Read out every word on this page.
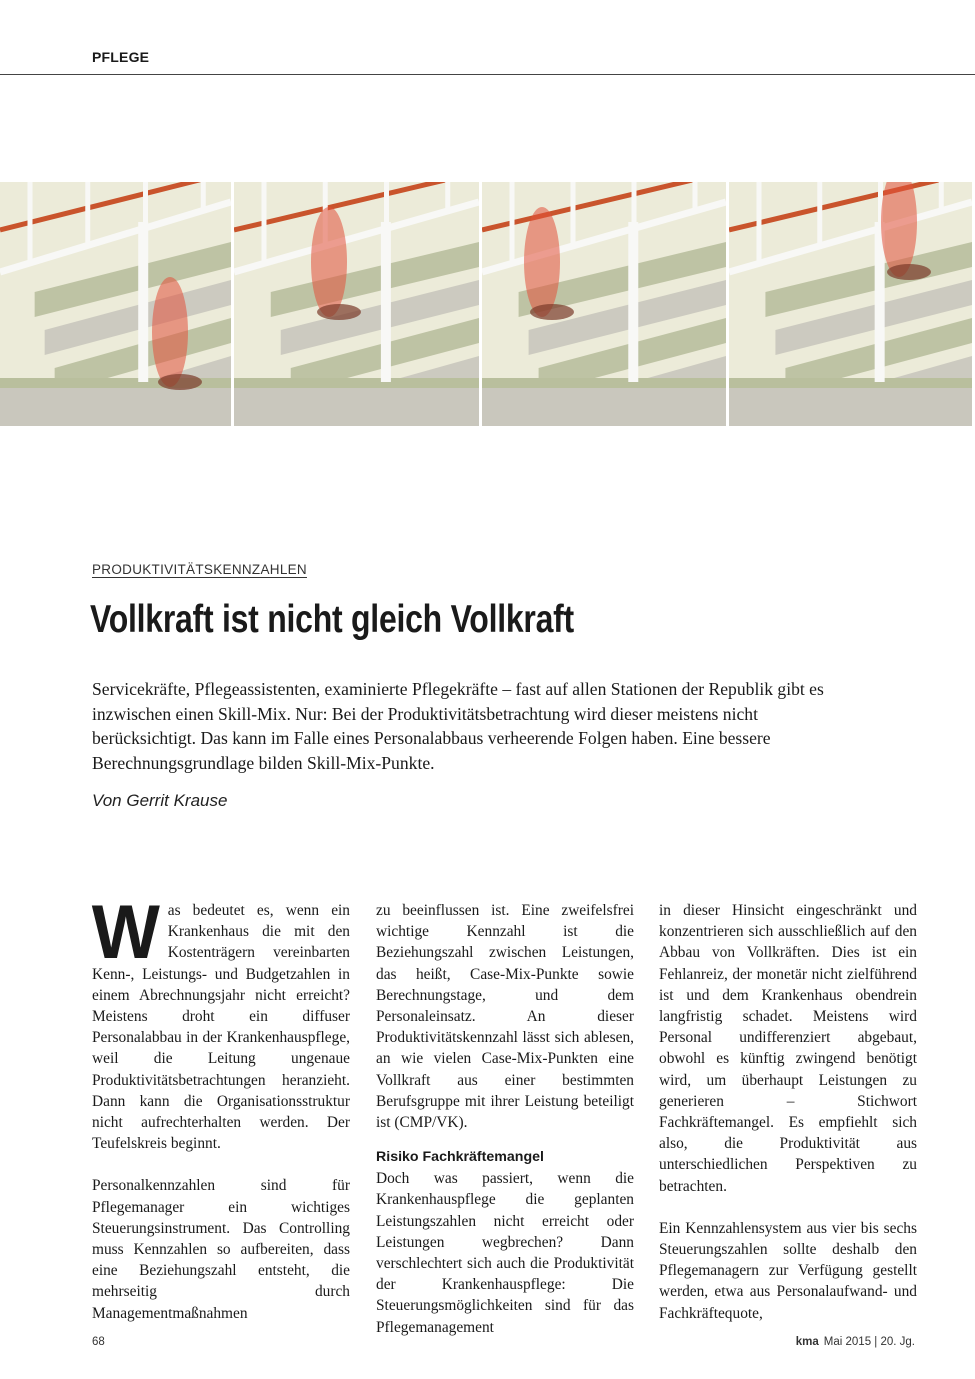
PFLEGE
PRODUKTIVITÄTSKENNZAHLEN
Vollkraft ist nicht gleich Vollkraft

Servicekräfte, Pflegeassistenten, examinierte Pflegekräfte – fast auf allen Stationen der Republik gibt es inzwischen einen Skill-Mix. Nur: Bei der Produktivitätsbetrachtung wird dieser meistens nicht berücksichtigt. Das kann im Falle eines Personalabbaus verheerende Folgen haben. Eine bessere Berechnungsgrundlage bilden Skill-Mix-Punkte.

Von Gerrit Krause

Was bedeutet es, wenn ein Krankenhaus die mit den Kostenträgern vereinbarten Kenn-, Leistungs- und Budgetzahlen in einem Abrechnungsjahr nicht erreicht? Meistens droht ein diffuser Personalabbau in der Krankenhauspflege, weil die Leitung ungenaue Produktivitätsbetrachtungen heranzieht. Dann kann die Organisationsstruktur nicht aufrechterhalten werden. Der Teufelskreis beginnt.

Personalkennzahlen sind für Pflegemanager ein wichtiges Steuerungsinstrument. Das Controlling muss Kennzahlen so aufbereiten, dass eine Beziehungszahl entsteht, die mehrseitig durch Managementmaßnahmen

zu beeinflussen ist. Eine zweifelsfrei wichtige Kennzahl ist die Beziehungszahl zwischen Leistungen, das heißt, Case-Mix-Punkte sowie Berechnungstage, und dem Personaleinsatz. An dieser Produktivitätskennzahl lässt sich ablesen, an wie vielen Case-Mix-Punkten eine Vollkraft aus einer bestimmten Berufsgruppe mit ihrer Leistung beteiligt ist (CMP/VK).

Risiko Fachkräftemangel

Doch was passiert, wenn die Krankenhauspflege die geplanten Leistungszahlen nicht erreicht oder Leistungen wegbrechen? Dann verschlechtert sich auch die Produktivität der Krankenhauspflege: Die Steuerungsmöglichkeiten sind für das Pflegemanagement

in dieser Hinsicht eingeschränkt und konzentrieren sich ausschließlich auf den Abbau von Vollkräften. Dies ist ein Fehlanreiz, der monetär nicht zielführend ist und dem Krankenhaus obendrein langfristig schadet. Meistens wird Personal undifferenziert abgebaut, obwohl es künftig zwingend benötigt wird, um überhaupt Leistungen zu generieren – Stichwort Fachkräftemangel. Es empfiehlt sich also, die Produktivität aus unterschiedlichen Perspektiven zu betrachten.

Ein Kennzahlensystem aus vier bis sechs Steuerungszahlen sollte deshalb den Pflegemanagern zur Verfügung gestellt werden, etwa aus Personalaufwand- und Fachkräftequote,

68	kma Mai 2015 | 20. Jg.
